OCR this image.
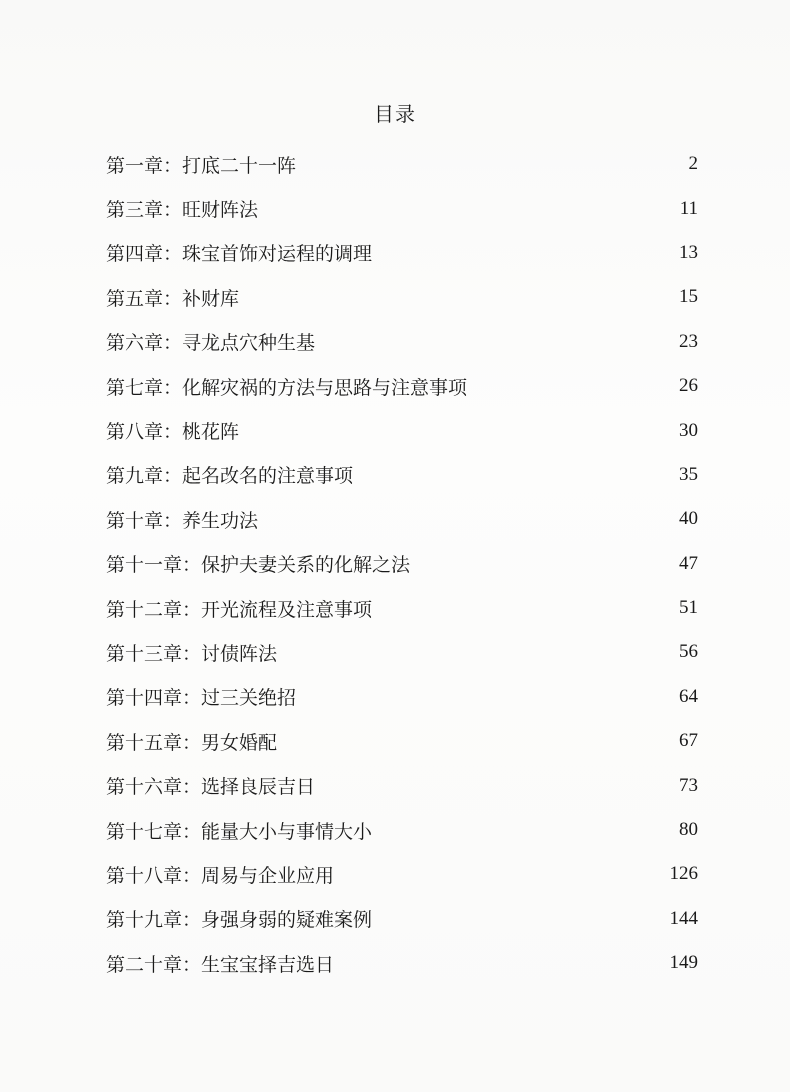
目录
第一章：打底二十一阵	2
第三章：旺财阵法	11
第四章：珠宝首饰对运程的调理	13
第五章：补财库	15
第六章：寻龙点穴种生基	23
第七章：化解灾祸的方法与思路与注意事项	26
第八章：桃花阵	30
第九章：起名改名的注意事项	35
第十章：养生功法	40
第十一章：保护夫妻关系的化解之法	47
第十二章：开光流程及注意事项	51
第十三章：讨债阵法	56
第十四章：过三关绝招	64
第十五章：男女婚配	67
第十六章：选择良辰吉日	73
第十七章：能量大小与事情大小	80
第十八章：周易与企业应用	126
第十九章：身强身弱的疑难案例	144
第二十章：生宝宝择吉选日	149
